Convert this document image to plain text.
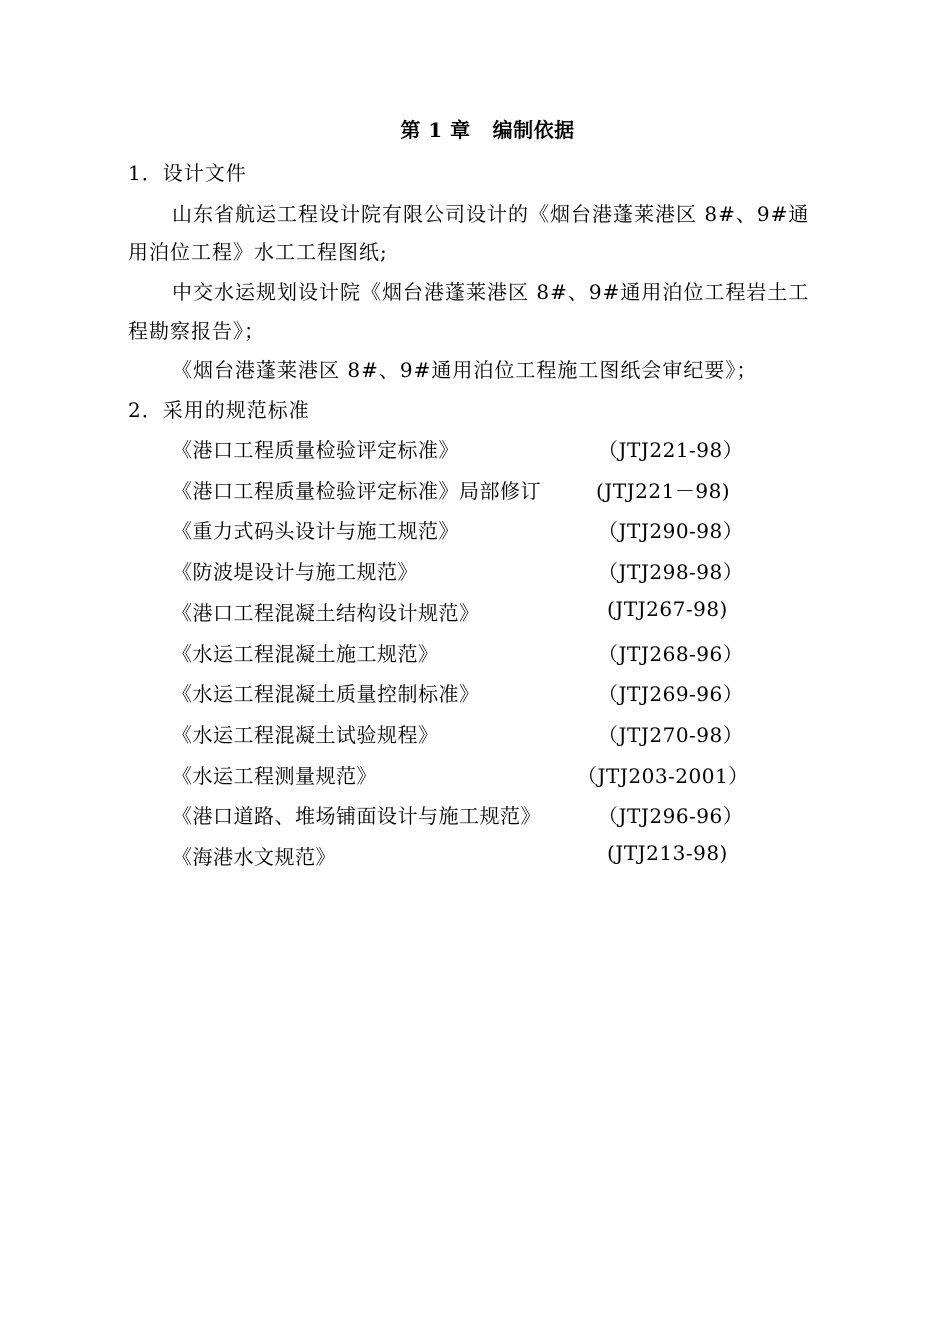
第 1 章 编制依据
1．设计文件
山东省航运工程设计院有限公司设计的《烟台港蓬莱港区 8#、9#通
用泊位工程》水工工程图纸;
中交水运规划设计院《烟台港蓬莱港区 8#、9#通用泊位工程岩土工
程勘察报告》；
《烟台港蓬莱港区 8#、9#通用泊位工程施工图纸会审纪要》；
2．采用的规范标准
《港口工程质量检验评定标准》	（JTJ221-98）
《港口工程质量检验评定标准》局部修订	(JTJ221－98)
《重力式码头设计与施工规范》	（JTJ290-98）
《防波堤设计与施工规范》	（JTJ298-98）
《港口工程混凝土结构设计规范》	(JTJ267-98)
《水运工程混凝土施工规范》	（JTJ268-96）
《水运工程混凝土质量控制标准》	（JTJ269-96）
《水运工程混凝土试验规程》	（JTJ270-98）
《水运工程测量规范》	（JTJ203-2001）
《港口道路、堆场铺面设计与施工规范》	（JTJ296-96）
《海港水文规范》	(JTJ213-98)
